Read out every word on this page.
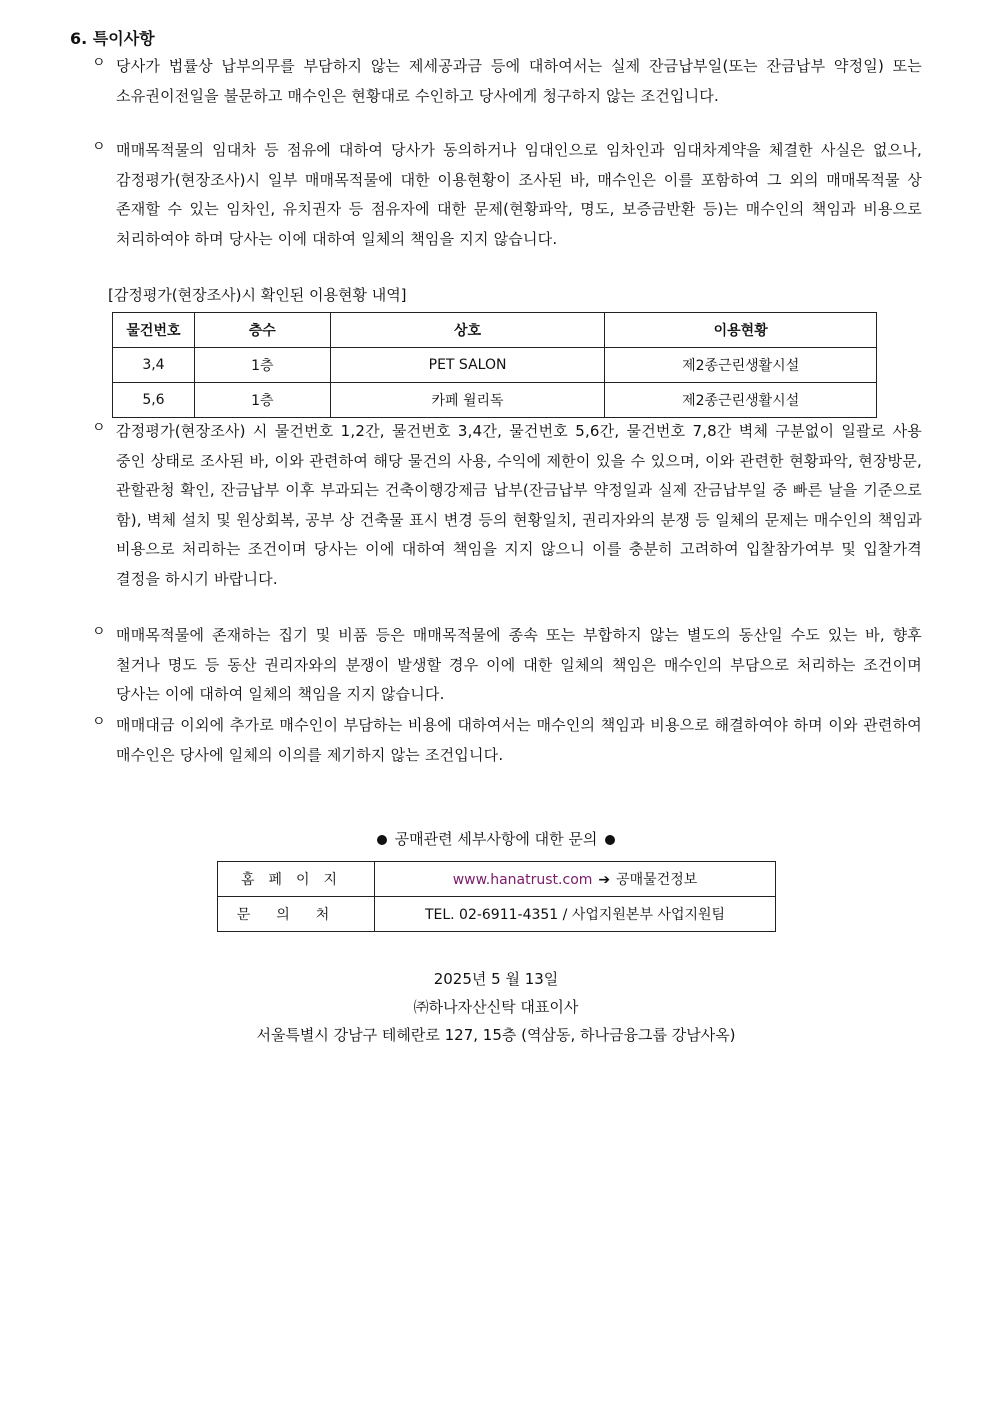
6. 특이사항
ㅇ 당사가 법률상 납부의무를 부담하지 않는 제세공과금 등에 대하여서는 실제 잔금납부일(또는 잔금납부 약정일) 또는 소유권이전일을 불문하고 매수인은 현황대로 수인하고 당사에게 청구하지 않는 조건입니다.
ㅇ 매매목적물의 임대차 등 점유에 대하여 당사가 동의하거나 임대인으로 임차인과 임대차계약을 체결한 사실은 없으나, 감정평가(현장조사)시 일부 매매목적물에 대한 이용현황이 조사된 바, 매수인은 이를 포함하여 그 외의 매매목적물 상 존재할 수 있는 임차인, 유치권자 등 점유자에 대한 문제(현황파악, 명도, 보증금반환 등)는 매수인의 책임과 비용으로 처리하여야 하며 당사는 이에 대하여 일체의 책임을 지지 않습니다.
[감정평가(현장조사)시 확인된 이용현황 내역]
물건번호	층수	상호	이용현황
3,4	1층	PET SALON	제2종근린생활시설
5,6	1층	카페 윌리독	제2종근린생활시설
ㅇ 감정평가(현장조사) 시 물건번호 1,2간, 물건번호 3,4간, 물건번호 5,6간, 물건번호 7,8간 벽체 구분없이 일괄로 사용 중인 상태로 조사된 바, 이와 관련하여 해당 물건의 사용, 수익에 제한이 있을 수 있으며, 이와 관련한 현황파악, 현장방문, 관할관청 확인, 잔금납부 이후 부과되는 건축이행강제금 납부(잔금납부 약정일과 실제 잔금납부일 중 빠른 날을 기준으로 함), 벽체 설치 및 원상회복, 공부 상 건축물 표시 변경 등의 현황일치, 권리자와의 분쟁 등 일체의 문제는 매수인의 책임과 비용으로 처리하는 조건이며 당사는 이에 대하여 책임을 지지 않으니 이를 충분히 고려하여 입찰참가여부 및 입찰가격 결정을 하시기 바랍니다.
ㅇ 매매목적물에 존재하는 집기 및 비품 등은 매매목적물에 종속 또는 부합하지 않는 별도의 동산일 수도 있는 바, 향후 철거나 명도 등 동산 권리자와의 분쟁이 발생할 경우 이에 대한 일체의 책임은 매수인의 부담으로 처리하는 조건이며 당사는 이에 대하여 일체의 책임을 지지 않습니다.
ㅇ 매매대금 이외에 추가로 매수인이 부담하는 비용에 대하여서는 매수인의 책임과 비용으로 해결하여야 하며 이와 관련하여 매수인은 당사에 일체의 이의를 제기하지 않는 조건입니다.
공매관련 세부사항에 대한 문의
홈페이지	www.hanatrust.com ➔ 공매물건정보
문의처	TEL. 02-6911-4351 / 사업지원본부 사업지원팀
2025년 5 월 13일
㈜하나자산신탁 대표이사
서울특별시 강남구 테헤란로 127, 15층 (역삼동, 하나금융그룹 강남사옥)
